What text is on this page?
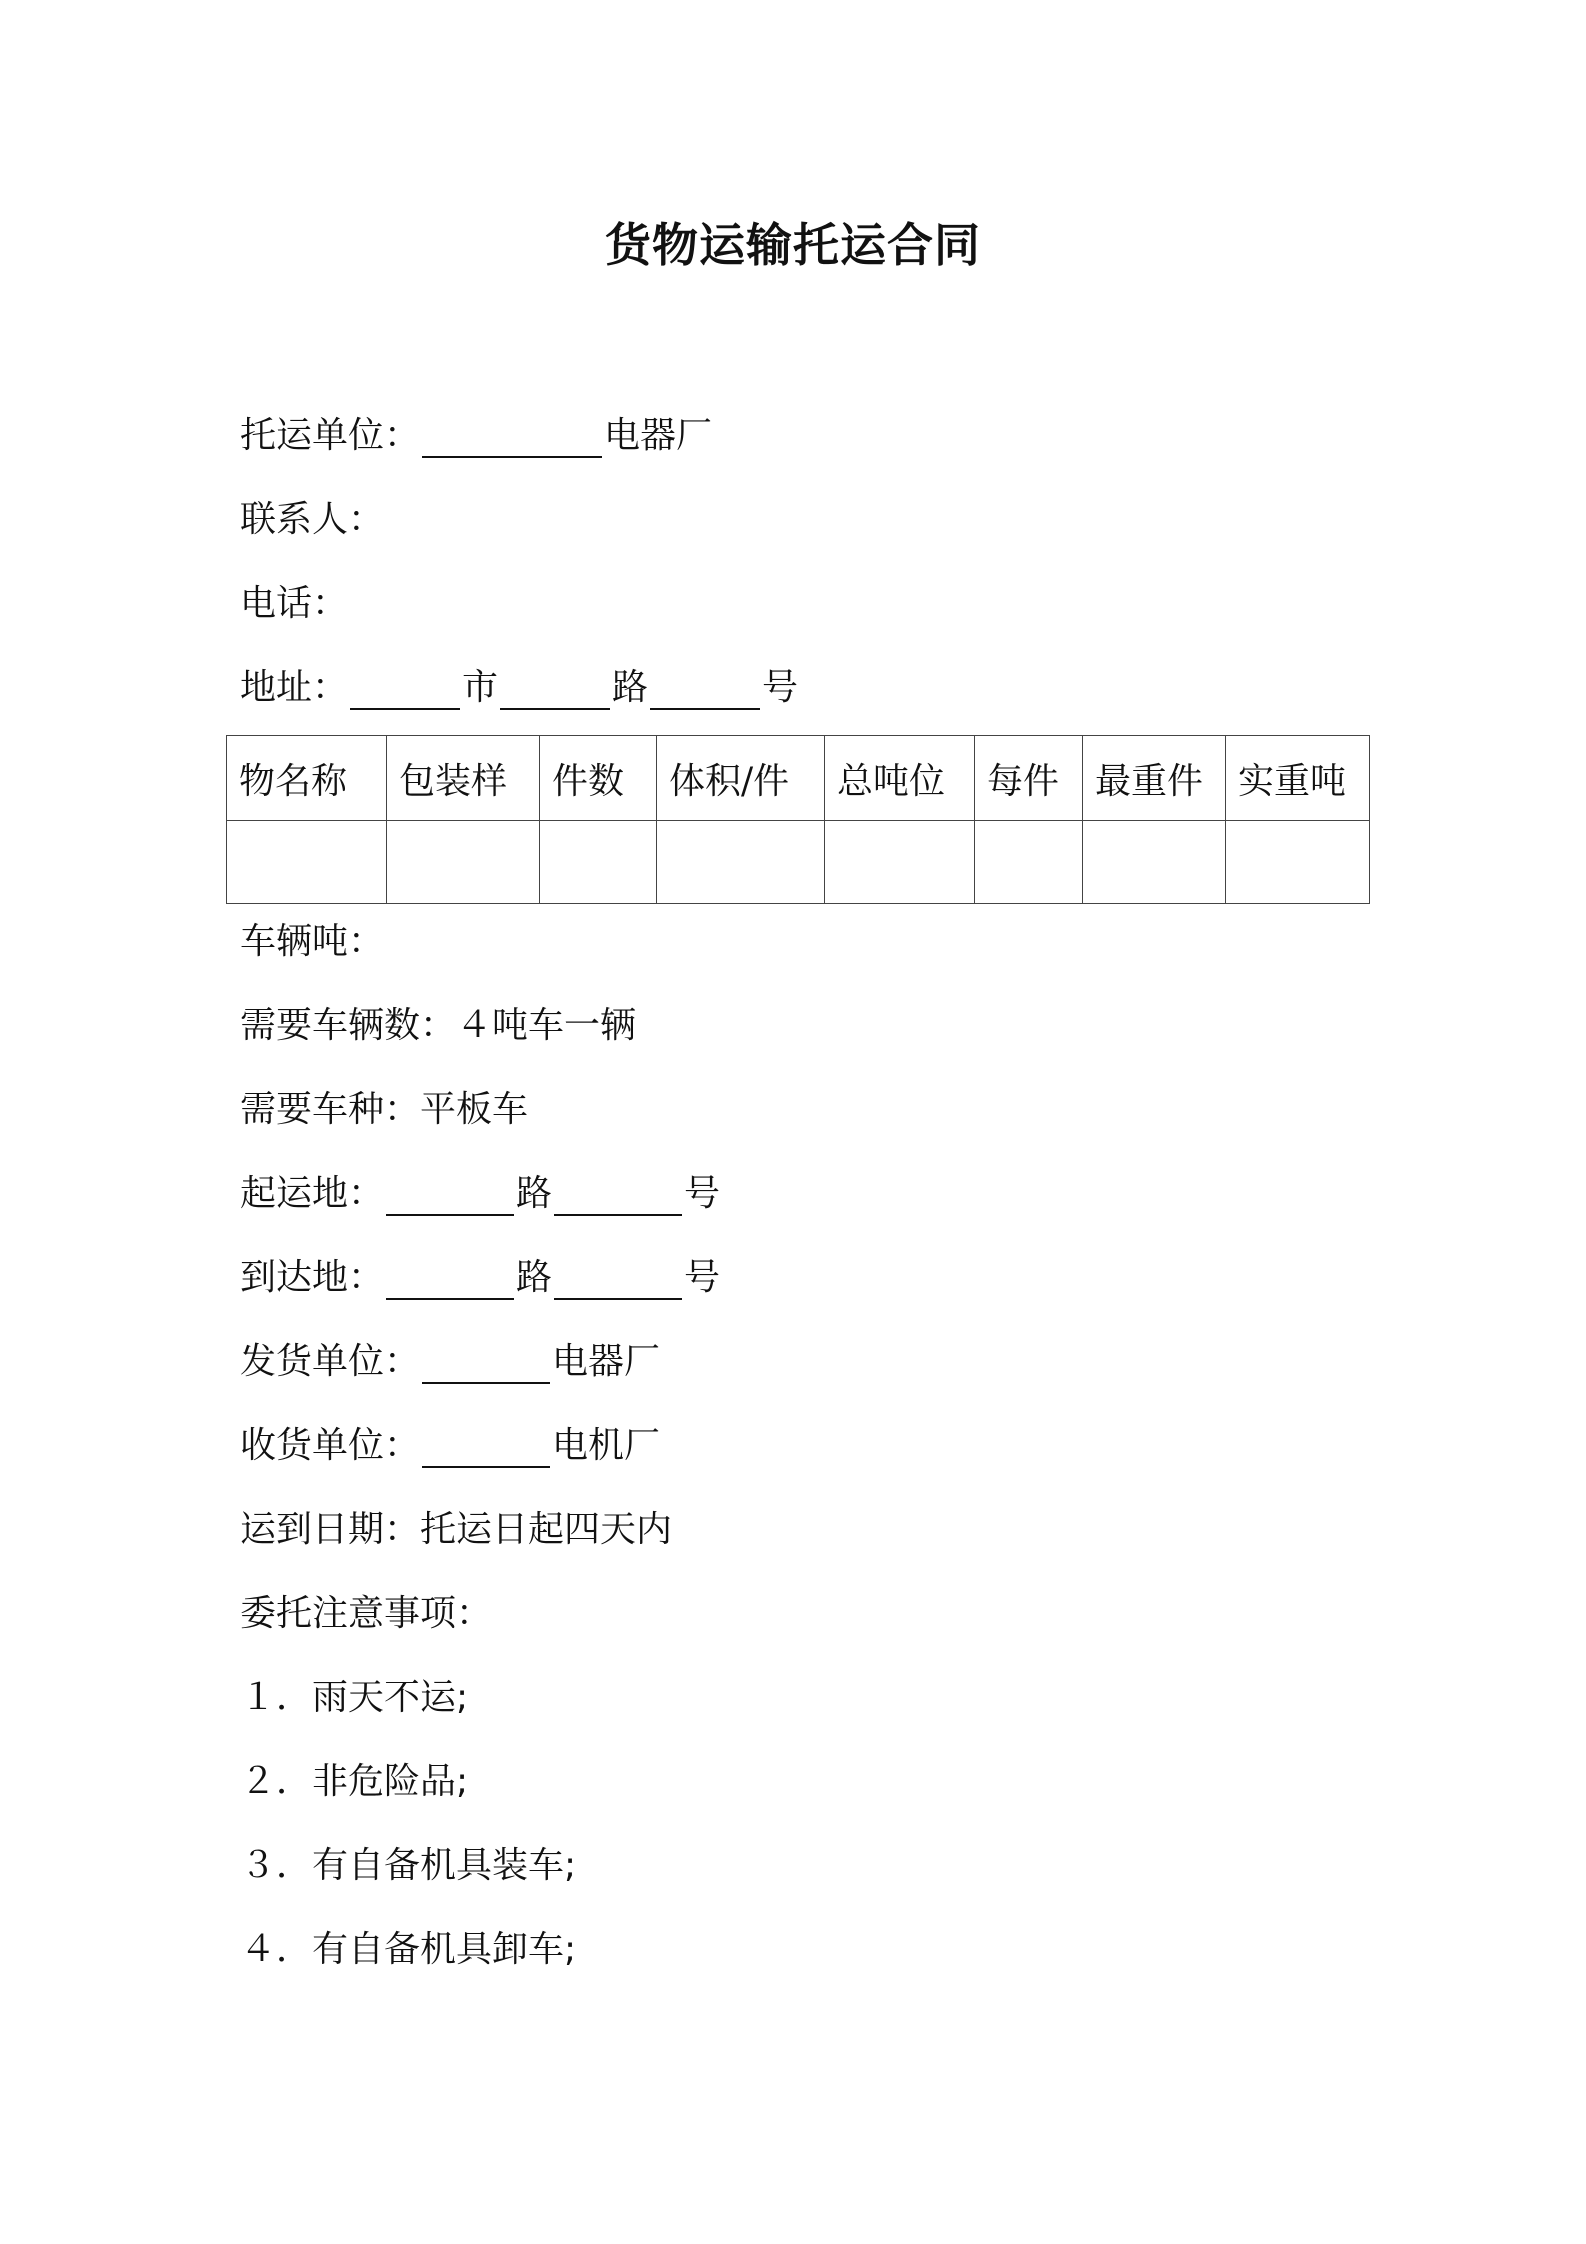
货物运输托运合同
托运单位：	电器厂
联系人：
电话：
地址：	市	路	号
物名称	包装样	件数	体积/件	总吨位	每件	最重件	实重吨

车辆吨：
需要车辆数：４吨车一辆
需要车种：平板车
起运地：	路	号
到达地：	路	号
发货单位：	电器厂
收货单位：	电机厂
运到日期：托运日起四天内
委托注意事项：
１．雨天不运;
２．非危险品;
３．有自备机具装车;
４．有自备机具卸车;
